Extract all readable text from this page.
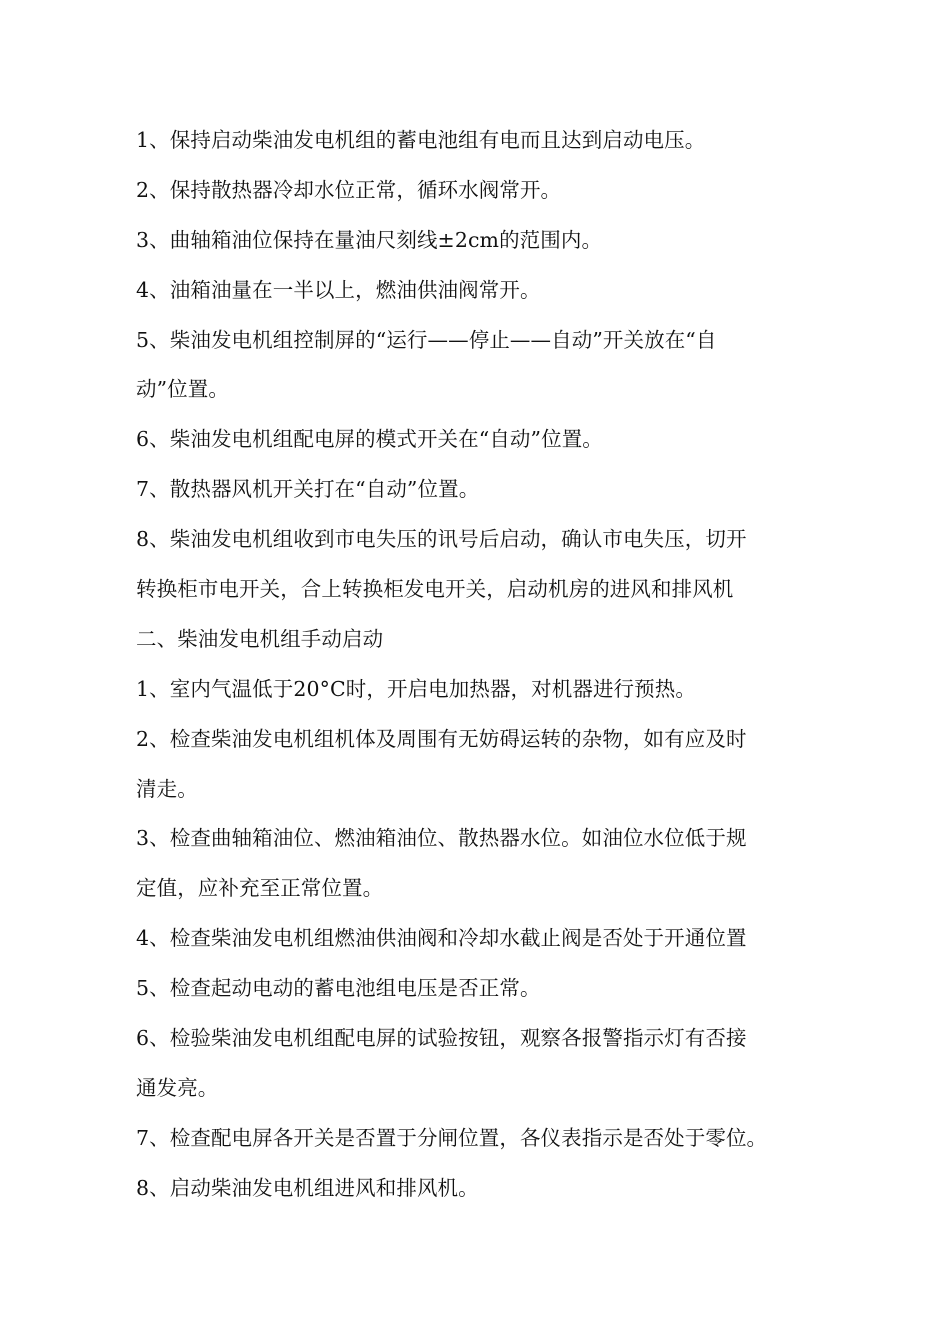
1、保持启动柴油发电机组的蓄电池组有电而且达到启动电压。
2、保持散热器冷却水位正常，循环水阀常开。
3、曲轴箱油位保持在量油尺刻线±2cm的范围内。
4、油箱油量在一半以上，燃油供油阀常开。
5、柴油发电机组控制屏的“运行——停止——自动”开关放在“自
动”位置。
6、柴油发电机组配电屏的模式开关在“自动”位置。
7、散热器风机开关打在“自动”位置。
8、柴油发电机组收到市电失压的讯号后启动，确认市电失压，切开
转换柜市电开关，合上转换柜发电开关，启动机房的进风和排风机
二、柴油发电机组手动启动
1、室内气温低于20°C时，开启电加热器，对机器进行预热。
2、检查柴油发电机组机体及周围有无妨碍运转的杂物，如有应及时
清走。
3、检查曲轴箱油位、燃油箱油位、散热器水位。如油位水位低于规
定值，应补充至正常位置。
4、检查柴油发电机组燃油供油阀和冷却水截止阀是否处于开通位置
5、检查起动电动的蓄电池组电压是否正常。
6、检验柴油发电机组配电屏的试验按钮，观察各报警指示灯有否接
通发亮。
7、检查配电屏各开关是否置于分闸位置，各仪表指示是否处于零位。
8、启动柴油发电机组进风和排风机。
